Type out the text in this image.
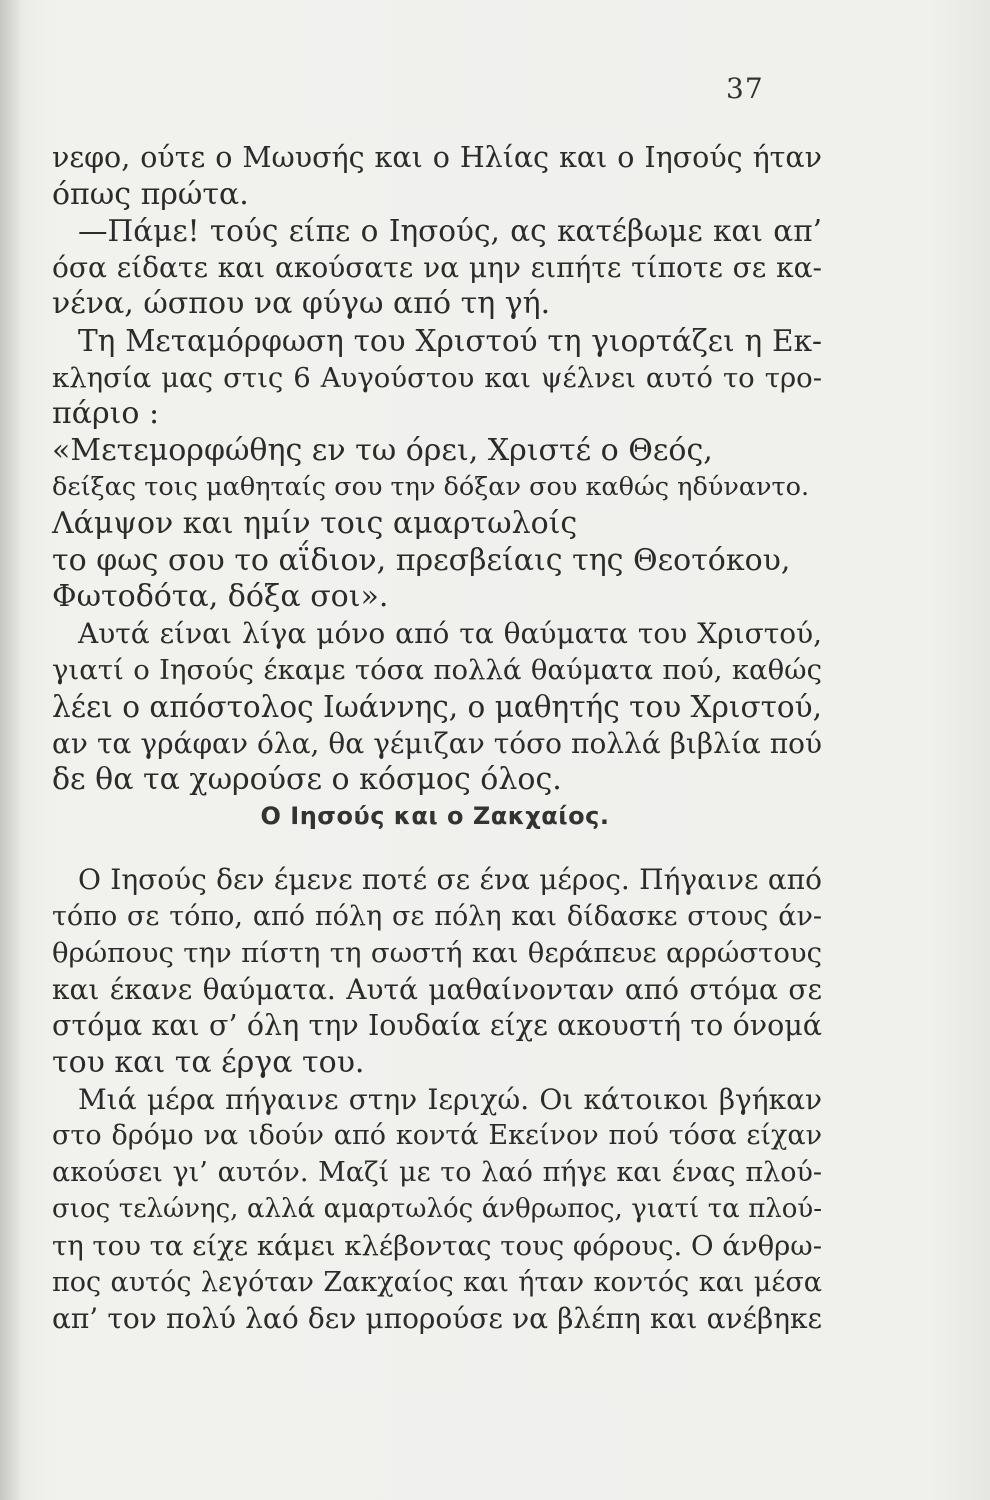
37
νεφο, ούτε ο Μωυσής και ο Ηλίας και ο Ιησούς ήταν
όπως πρώτα.
—Πάμε! τούς είπε ο Ιησούς, ας κατέβωμε και απ’
όσα είδατε και ακούσατε να μην ειπήτε τίποτε σε κα-
νένα, ώσπου να φύγω από τη γή.
Τη Μεταμόρφωση του Χριστού τη γιορτάζει η Εκ-
κλησία μας στις 6 Αυγούστου και ψέλνει αυτό το τρο-
πάριο :
«Μετεμορφώθης εν τω όρει, Χριστέ ο Θεός,
δείξας τοις μαθηταίς σου την δόξαν σου καθώς ηδύναντο.
Λάμψον και ημίν τοις αμαρτωλοίς
το φως σου το αΐδιον, πρεσβείαις της Θεοτόκου,
Φωτοδότα, δόξα σοι».
Αυτά είναι λίγα μόνο από τα θαύματα του Χριστού,
γιατί ο Ιησούς έκαμε τόσα πολλά θαύματα πού, καθώς
λέει ο απόστολος Ιωάννης, ο μαθητής του Χριστού,
αν τα γράφαν όλα, θα γέμιζαν τόσο πολλά βιβλία πού
δε θα τα χωρούσε ο κόσμος όλος.
Ο Ιησούς και ο Ζακχαίος.
Ο Ιησούς δεν έμενε ποτέ σε ένα μέρος. Πήγαινε από
τόπο σε τόπο, από πόλη σε πόλη και δίδασκε στους άν-
θρώπους την πίστη τη σωστή και θεράπευε αρρώστους
και έκανε θαύματα. Αυτά μαθαίνονταν από στόμα σε
στόμα και σ’ όλη την Ιουδαία είχε ακουστή το όνομά
του και τα έργα του.
Μιά μέρα πήγαινε στην Ιεριχώ. Οι κάτοικοι βγήκαν
στο δρόμο να ιδούν από κοντά Εκείνον πού τόσα είχαν
ακούσει γι’ αυτόν. Μαζί με το λαό πήγε και ένας πλού-
σιος τελώνης, αλλά αμαρτωλός άνθρωπος, γιατί τα πλού-
τη του τα είχε κάμει κλέβοντας τους φόρους. Ο άνθρω-
πος αυτός λεγόταν Ζακχαίος και ήταν κοντός και μέσα
απ’ τον πολύ λαό δεν μπορούσε να βλέπη και ανέβηκε
